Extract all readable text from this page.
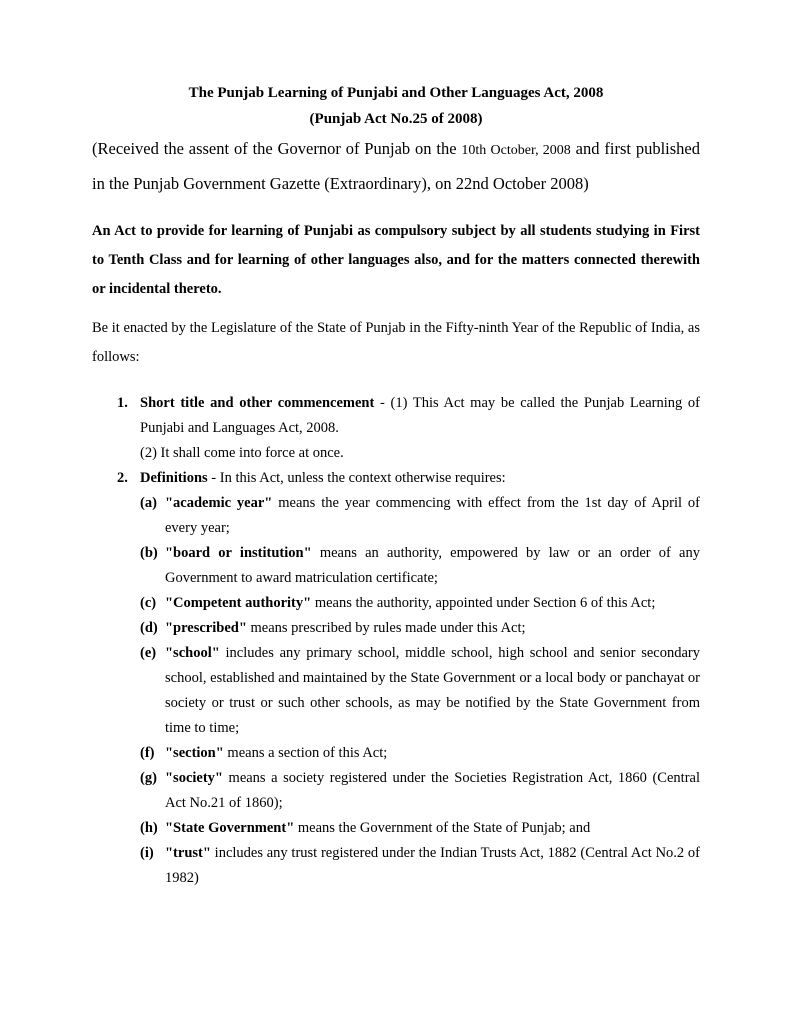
The Punjab Learning of Punjabi and Other Languages Act, 2008
(Punjab Act No.25 of 2008)

(Received the assent of the Governor of Punjab on the 10th October, 2008 and first published in the Punjab Government Gazette (Extraordinary), on 22nd October 2008)

An Act to provide for learning of Punjabi as compulsory subject by all students studying in First to Tenth Class and for learning of other languages also, and for the matters connected therewith or incidental thereto.

Be it enacted by the Legislature of the State of Punjab in the Fifty-ninth Year of the Republic of India, as follows:

1. Short title and other commencement - (1) This Act may be called the Punjab Learning of Punjabi and Languages Act, 2008.

(2) It shall come into force at once.

2. Definitions - In this Act, unless the context otherwise requires:

(a) "academic year" means the year commencing with effect from the 1st day of April of every year;
(b) "board or institution" means an authority, empowered by law or an order of any Government to award matriculation certificate;
(c) "Competent authority" means the authority, appointed under Section 6 of this Act;
(d) "prescribed" means prescribed by rules made under this Act;
(e) "school" includes any primary school, middle school, high school and senior secondary school, established and maintained by the State Government or a local body or panchayat or society or trust or such other schools, as may be notified by the State Government from time to time;
(f) "section" means a section of this Act;
(g) "society" means a society registered under the Societies Registration Act, 1860 (Central Act No.21 of 1860);
(h) "State Government" means the Government of the State of Punjab; and
(i) "trust" includes any trust registered under the Indian Trusts Act, 1882 (Central Act No.2 of 1982)
